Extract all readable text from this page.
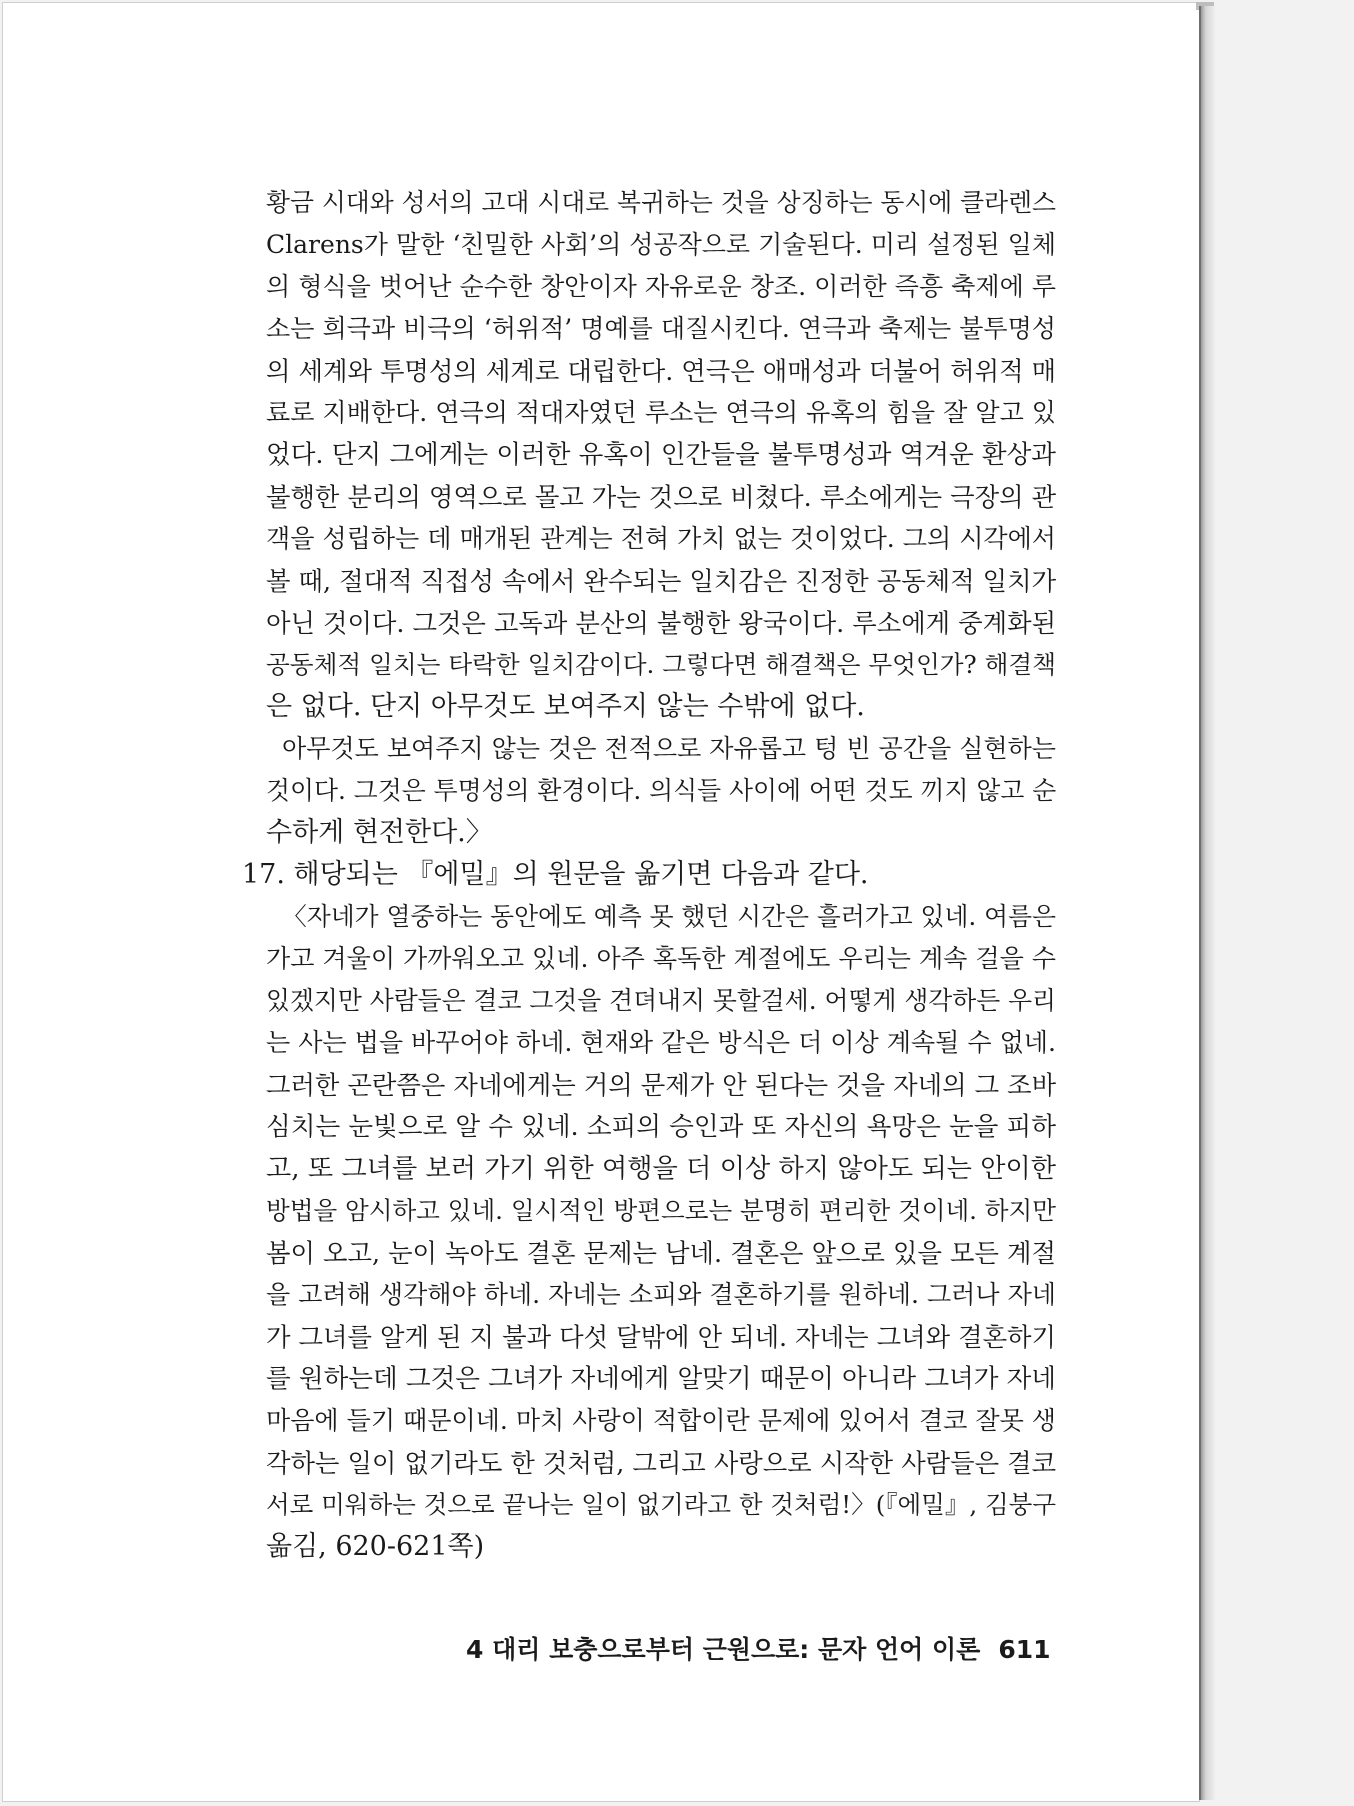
황금 시대와 성서의 고대 시대로 복귀하는 것을 상징하는 동시에 클라렌스
Clarens가 말한 ‘친밀한 사회’의 성공작으로 기술된다. 미리 설정된 일체
의 형식을 벗어난 순수한 창안이자 자유로운 창조. 이러한 즉흥 축제에 루
소는 희극과 비극의 ‘허위적’ 명예를 대질시킨다. 연극과 축제는 불투명성
의 세계와 투명성의 세계로 대립한다. 연극은 애매성과 더불어 허위적 매
료로 지배한다. 연극의 적대자였던 루소는 연극의 유혹의 힘을 잘 알고 있
었다. 단지 그에게는 이러한 유혹이 인간들을 불투명성과 역겨운 환상과
불행한 분리의 영역으로 몰고 가는 것으로 비쳤다. 루소에게는 극장의 관
객을 성립하는 데 매개된 관계는 전혀 가치 없는 것이었다. 그의 시각에서
볼 때, 절대적 직접성 속에서 완수되는 일치감은 진정한 공동체적 일치가
아닌 것이다. 그것은 고독과 분산의 불행한 왕국이다. 루소에게 중계화된
공동체적 일치는 타락한 일치감이다. 그렇다면 해결책은 무엇인가? 해결책
은 없다. 단지 아무것도 보여주지 않는 수밖에 없다.
아무것도 보여주지 않는 것은 전적으로 자유롭고 텅 빈 공간을 실현하는
것이다. 그것은 투명성의 환경이다. 의식들 사이에 어떤 것도 끼지 않고 순
수하게 현전한다.〉
17. 해당되는 『에밀』의 원문을 옮기면 다음과 같다.
〈자네가 열중하는 동안에도 예측 못 했던 시간은 흘러가고 있네. 여름은
가고 겨울이 가까워오고 있네. 아주 혹독한 계절에도 우리는 계속 걸을 수
있겠지만 사람들은 결코 그것을 견뎌내지 못할걸세. 어떻게 생각하든 우리
는 사는 법을 바꾸어야 하네. 현재와 같은 방식은 더 이상 계속될 수 없네.
그러한 곤란쯤은 자네에게는 거의 문제가 안 된다는 것을 자네의 그 조바
심치는 눈빛으로 알 수 있네. 소피의 승인과 또 자신의 욕망은 눈을 피하
고, 또 그녀를 보러 가기 위한 여행을 더 이상 하지 않아도 되는 안이한
방법을 암시하고 있네. 일시적인 방편으로는 분명히 편리한 것이네. 하지만
봄이 오고, 눈이 녹아도 결혼 문제는 남네. 결혼은 앞으로 있을 모든 계절
을 고려해 생각해야 하네. 자네는 소피와 결혼하기를 원하네. 그러나 자네
가 그녀를 알게 된 지 불과 다섯 달밖에 안 되네. 자네는 그녀와 결혼하기
를 원하는데 그것은 그녀가 자네에게 알맞기 때문이 아니라 그녀가 자네
마음에 들기 때문이네. 마치 사랑이 적합이란 문제에 있어서 결코 잘못 생
각하는 일이 없기라도 한 것처럼, 그리고 사랑으로 시작한 사람들은 결코
서로 미워하는 것으로 끝나는 일이 없기라고 한 것처럼!〉(『에밀』, 김붕구
옮김, 620-621쪽)
4 대리 보충으로부터 근원으로: 문자 언어 이론 611
